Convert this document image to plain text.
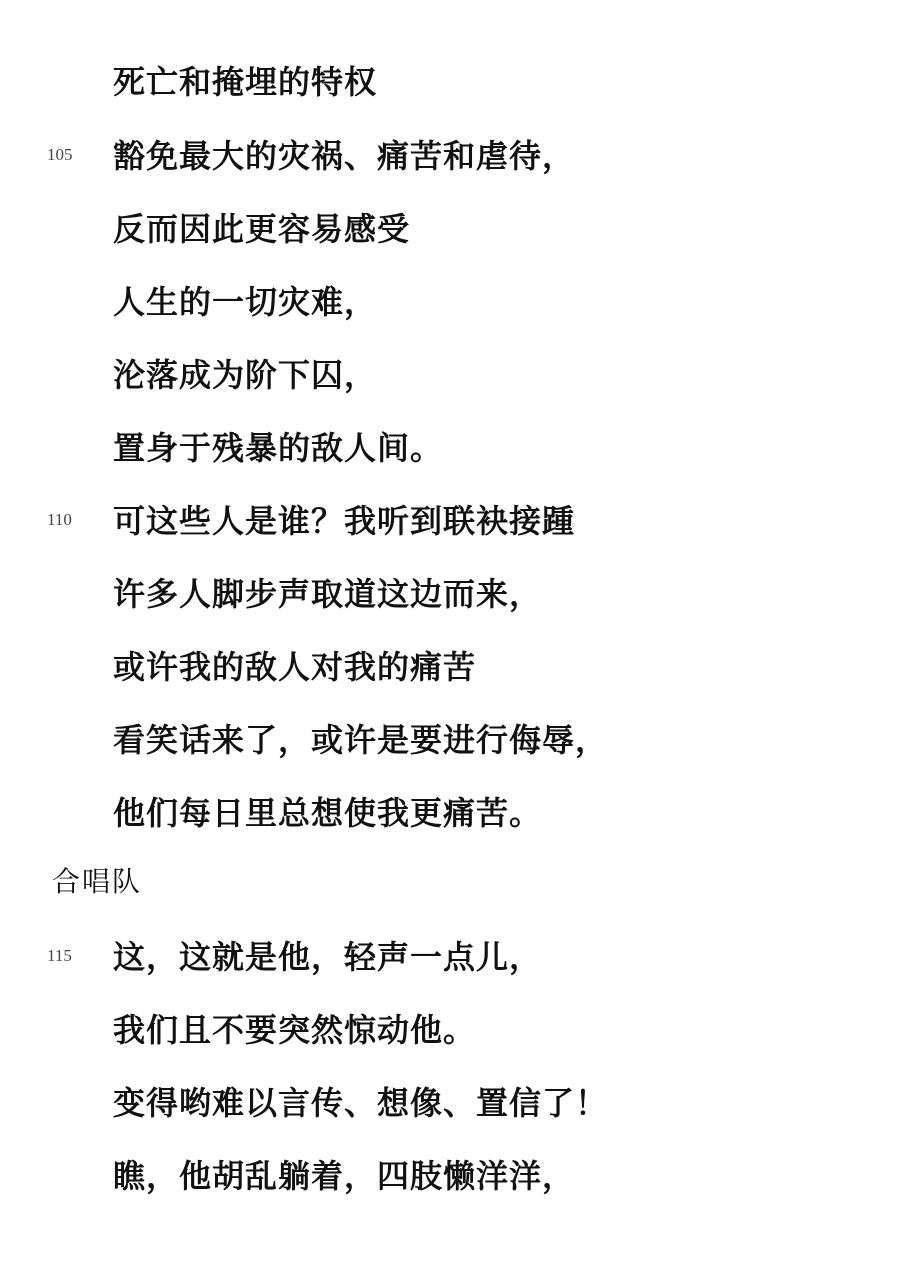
死亡和掩埋的特权
105 豁免最大的灾祸、痛苦和虐待，
反而因此更容易感受
人生的一切灾难，
沦落成为阶下囚，
置身于残暴的敌人间。
110 可这些人是谁？我听到联袂接踵
许多人脚步声取道这边而来，
或许我的敌人对我的痛苦
看笑话来了，或许是要进行侮辱，
他们每日里总想使我更痛苦。
合唱队
115 这，这就是他，轻声一点儿，
我们且不要突然惊动他。
变得哟难以言传、想像、置信了！
瞧，他胡乱躺着，四肢懒洋洋，
